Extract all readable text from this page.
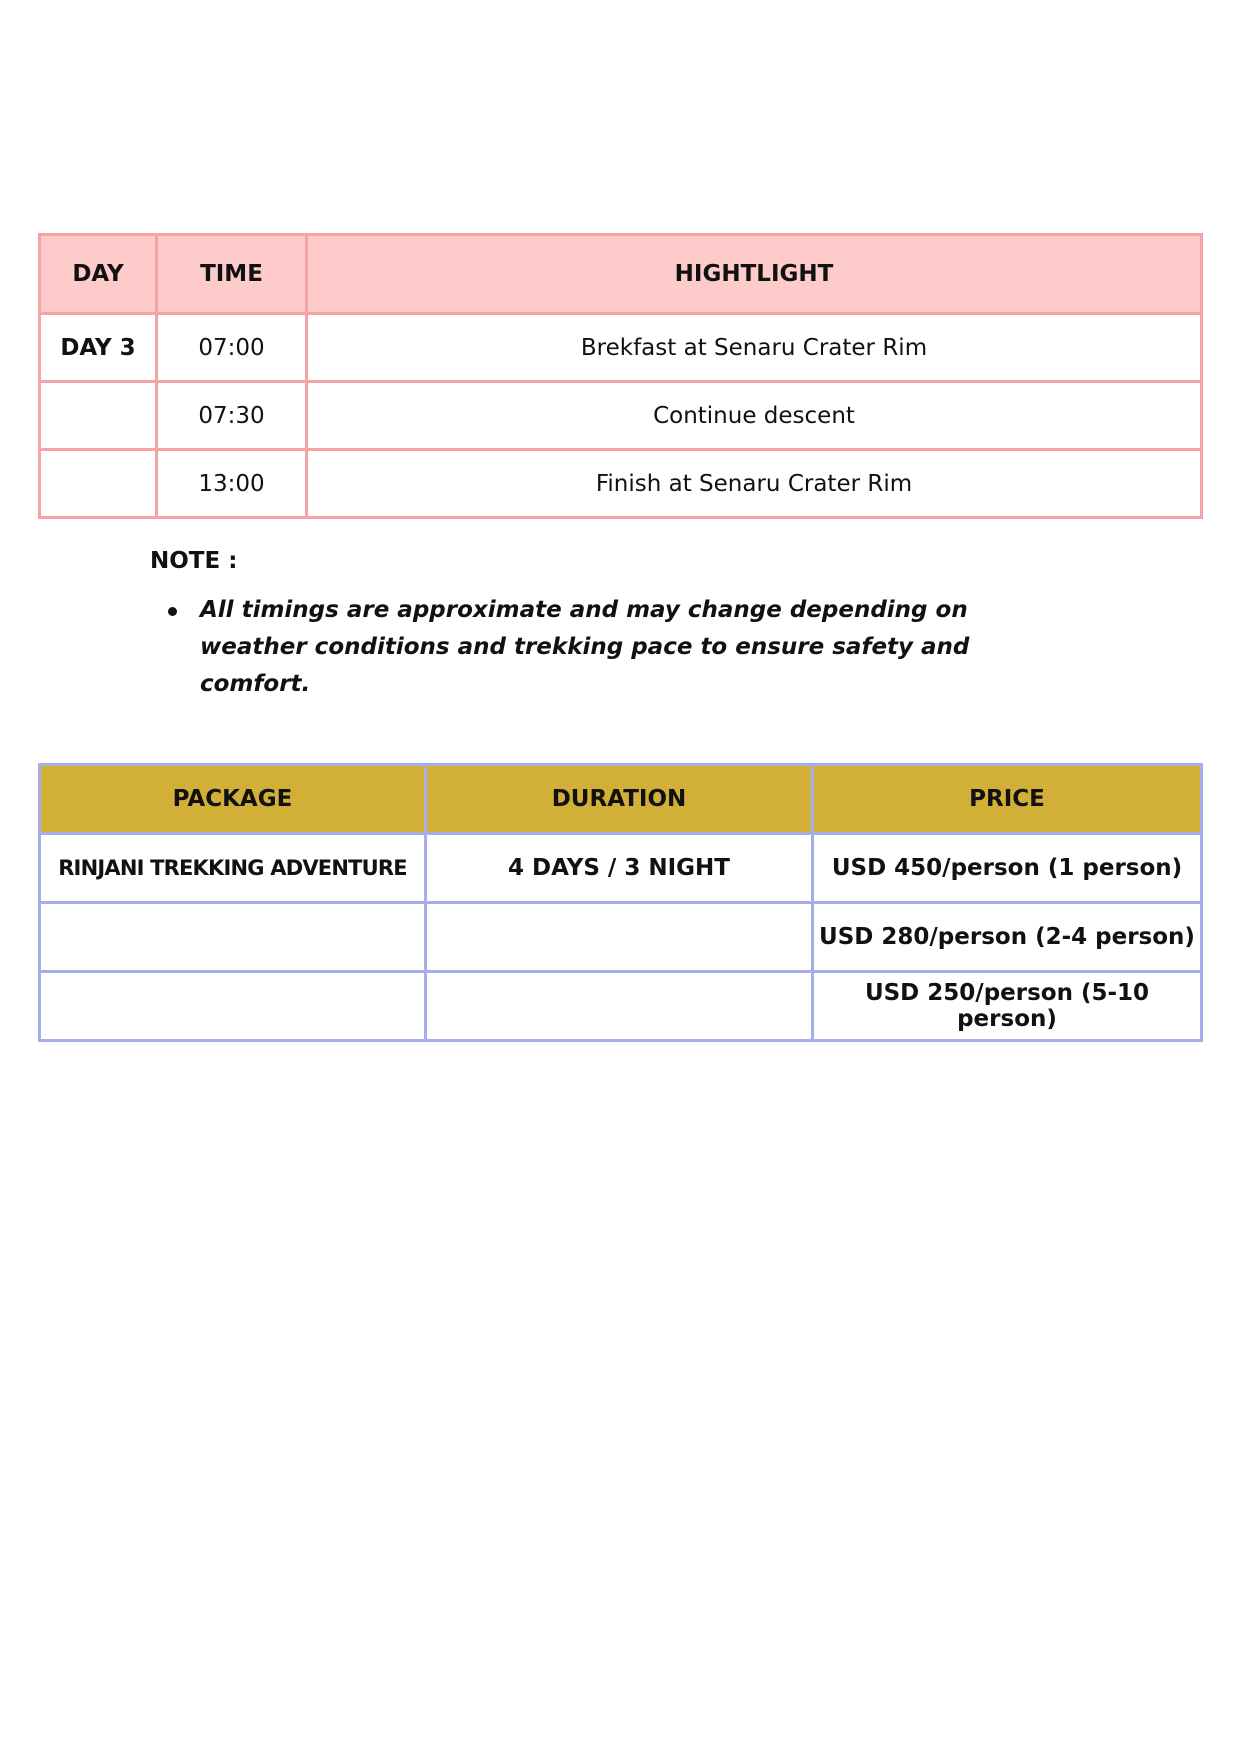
DAY	TIME	HIGHTLIGHT
DAY 3	07:00	Brekfast at Senaru Crater Rim
	07:30	Continue descent
	13:00	Finish at Senaru Crater Rim

NOTE :

All timings are approximate and may change depending on weather conditions and trekking pace to ensure safety and comfort.
PACKAGE	DURATION	PRICE
RINJANI TREKKING ADVENTURE	4 DAYS / 3 NIGHT	USD 450/person (1 person)
		USD 280/person (2-4 person)
		USD 250/person (5-10 person)
